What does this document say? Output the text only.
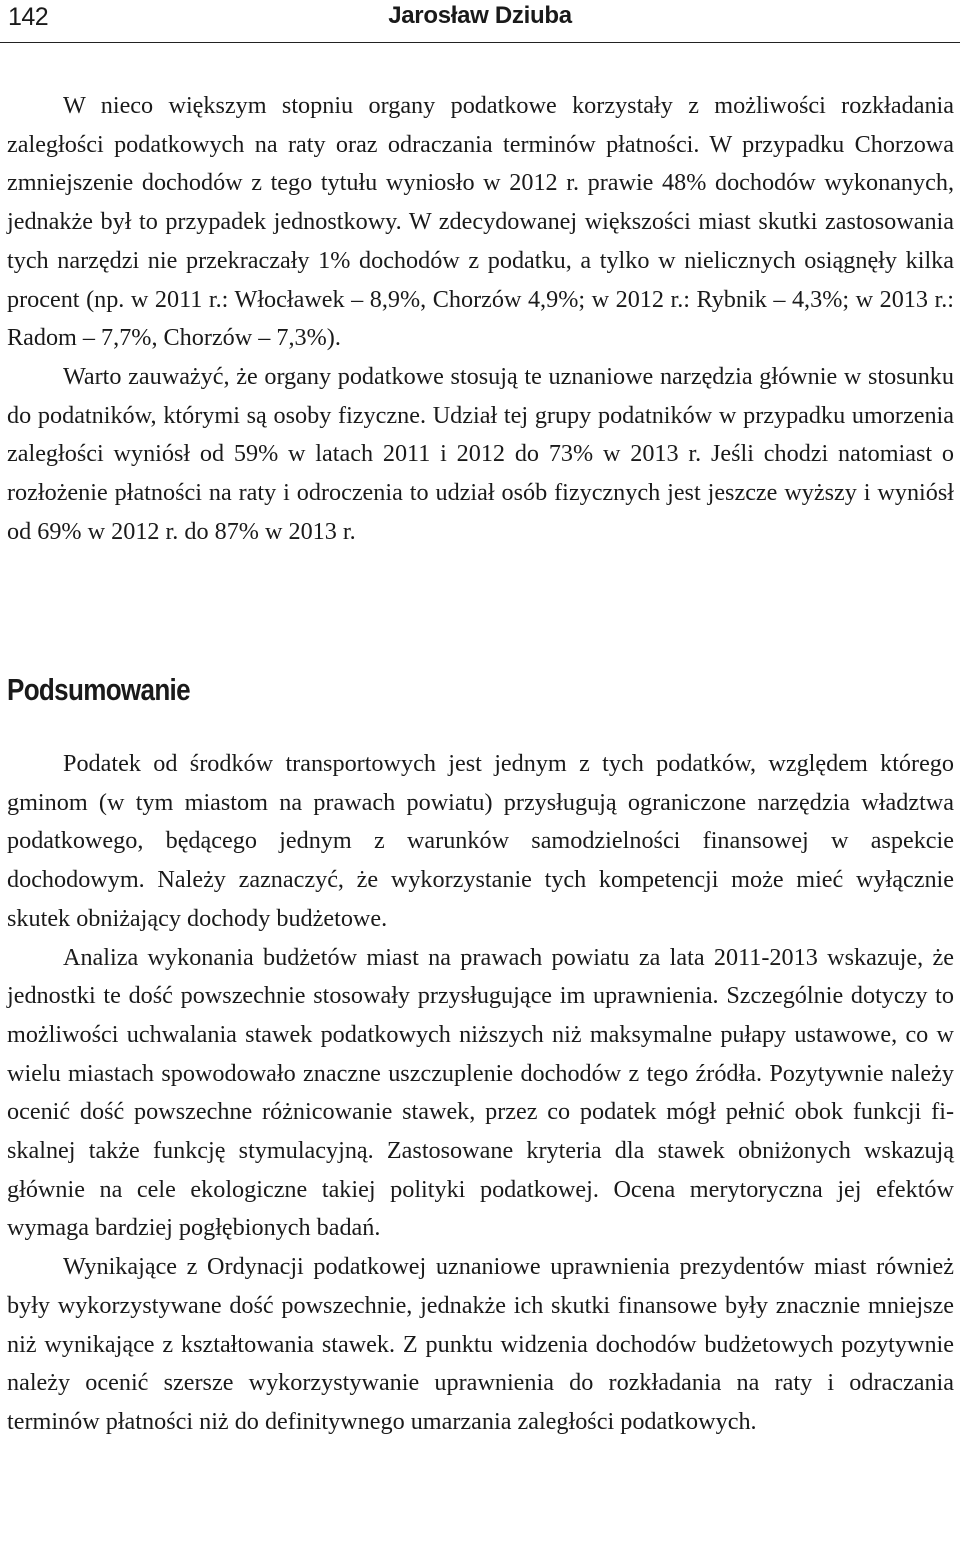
142	Jarosław Dziuba

W nieco większym stopniu organy podatkowe korzystały z możliwości rozkładania zaległości podatkowych na raty oraz odraczania terminów płatności. W przypadku Chorzowa zmniejszenie dochodów z tego tytułu wyniosło w 2012 r. prawie 48% dochodów wykonanych, jednakże był to przypadek jednostkowy. W zdecydowanej większości miast skutki zastosowania tych narzędzi nie przekraczały 1% dochodów z podatku, a tylko w nielicznych osiągnęły kilka procent (np. w 2011 r.: Włocławek – 8,9%, Chorzów 4,9%; w 2012 r.: Rybnik – 4,3%; w 2013 r.: Radom – 7,7%, Chorzów – 7,3%).

Warto zauważyć, że organy podatkowe stosują te uznaniowe narzędzia głównie w stosunku do podatników, którymi są osoby fizyczne. Udział tej grupy podatników w przypadku umorzenia zaległości wyniósł od 59% w latach 2011 i 2012 do 73% w 2013 r. Jeśli chodzi natomiast o rozłożenie płatności na raty i odroczenia to udział osób fizycznych jest jeszcze wyższy i wyniósł od 69% w 2012 r. do 87% w 2013 r.

Podsumowanie

Podatek od środków transportowych jest jednym z tych podatków, względem którego gminom (w tym miastom na prawach powiatu) przysługują ograniczone narzędzia władztwa podatkowego, będącego jednym z warunków samodzielności finansowej w aspekcie dochodowym. Należy zaznaczyć, że wykorzystanie tych kompetencji może mieć wyłącznie skutek obniżający dochody budżetowe.

Analiza wykonania budżetów miast na prawach powiatu za lata 2011-2013 wskazuje, że jednostki te dość powszechnie stosowały przysługujące im uprawnienia. Szczególnie dotyczy to możliwości uchwalania stawek podatkowych niższych niż maksymalne pułapy ustawowe, co w wielu miastach spowodowało znaczne uszczuplenie dochodów z tego źródła. Pozytywnie należy ocenić dość powszechne różnicowanie stawek, przez co podatek mógł pełnić obok funkcji fiskalnej także funkcję stymulacyjną. Zastosowane kryteria dla stawek obniżonych wskazują głównie na cele ekologiczne takiej polityki podatkowej. Ocena merytoryczna jej efektów wymaga bardziej pogłębionych badań.

Wynikające z Ordynacji podatkowej uznaniowe uprawnienia prezydentów miast również były wykorzystywane dość powszechnie, jednakże ich skutki finansowe były znacznie mniejsze niż wynikające z kształtowania stawek. Z punktu widzenia dochodów budżetowych pozytywnie należy ocenić szersze wykorzystywanie uprawnienia do rozkładania na raty i odraczania terminów płatności niż do definitywnego umarzania zaległości podatkowych.
